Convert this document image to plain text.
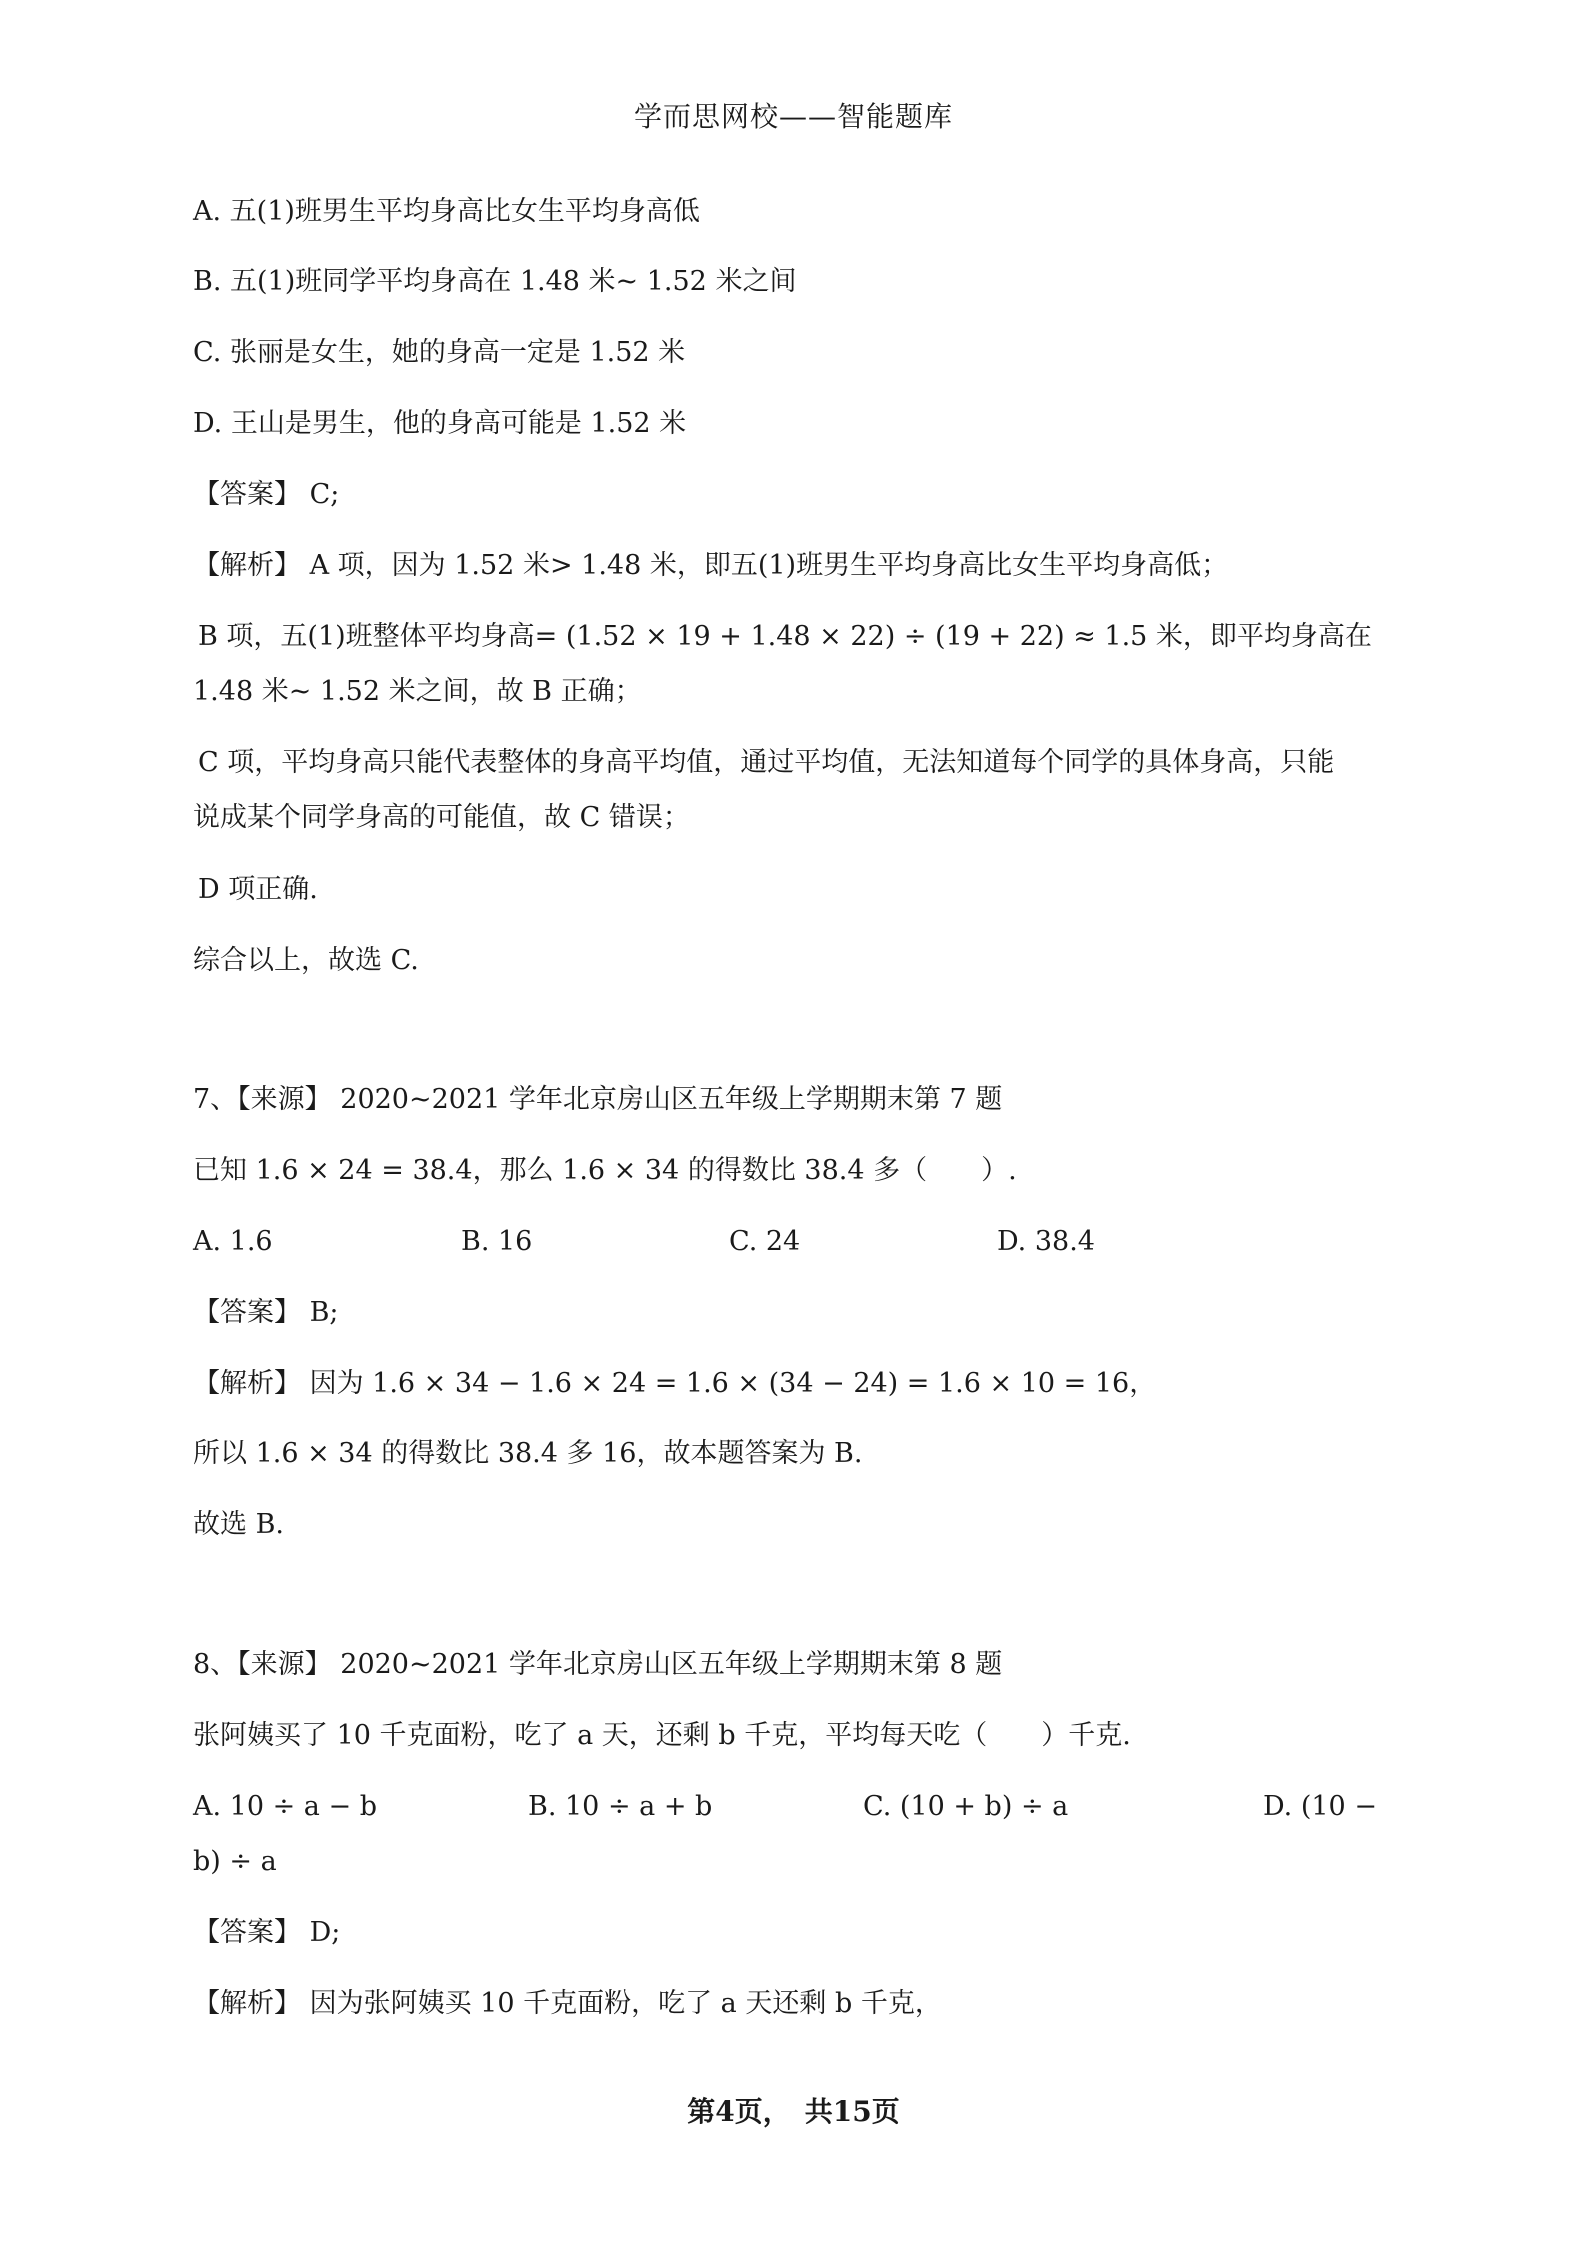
学而思网校——智能题库
A. 五(1)班男生平均身高比女生平均身高低
B. 五(1)班同学平均身高在 1.48 米~ 1.52 米之间
C. 张丽是女生，她的身高一定是 1.52 米
D. 王山是男生，他的身高可能是 1.52 米
【答案】 C;
【解析】 A 项，因为 1.52 米> 1.48 米，即五(1)班男生平均身高比女生平均身高低；
B 项，五(1)班整体平均身高= (1.52 × 19 + 1.48 × 22) ÷ (19 + 22) ≈ 1.5 米，即平均身高在
1.48 米~ 1.52 米之间，故 B 正确；
C 项，平均身高只能代表整体的身高平均值，通过平均值，无法知道每个同学的具体身高，只能
说成某个同学身高的可能值，故 C 错误；
D 项正确.
综合以上，故选 C.
7、【来源】 2020~2021 学年北京房山区五年级上学期期末第 7 题
已知 1.6 × 24 = 38.4，那么 1.6 × 34 的得数比 38.4 多（　　）.
A. 1.6	B. 16	C. 24	D. 38.4
【答案】 B;
【解析】 因为 1.6 × 34 − 1.6 × 24 = 1.6 × (34 − 24) = 1.6 × 10 = 16，
所以 1.6 × 34 的得数比 38.4 多 16，故本题答案为 B.
故选 B.
8、【来源】 2020~2021 学年北京房山区五年级上学期期末第 8 题
张阿姨买了 10 千克面粉，吃了 a 天，还剩 b 千克，平均每天吃（　　）千克.
A. 10 ÷ a − b	B. 10 ÷ a + b	C. (10 + b) ÷ a	D. (10 −
b) ÷ a
【答案】 D;
【解析】 因为张阿姨买 10 千克面粉，吃了 a 天还剩 b 千克，
第4页，　共15页
